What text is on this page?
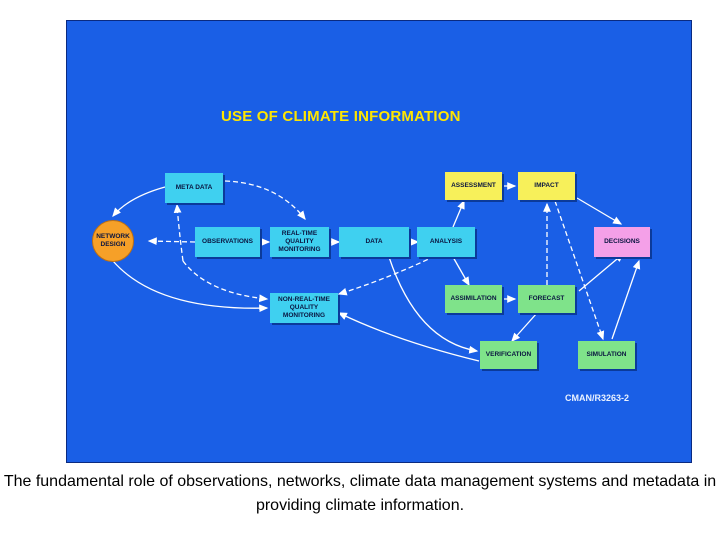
USE OF CLIMATE INFORMATION
META DATA
NETWORK
DESIGN	OBSERVATIONS
REAL-TIME
QUALITY
MONITORING
DATA	ANALYSIS
ASSESSMENT	IMPACT
DECISIONS
ASSIMILATION	FORECAST
NON-REAL-TIME
QUALITY
MONITORING
VERIFICATION	SIMULATION
CMAN/R3263-2
The fundamental role of observations, networks, climate data management systems and metadata in providing climate information.
